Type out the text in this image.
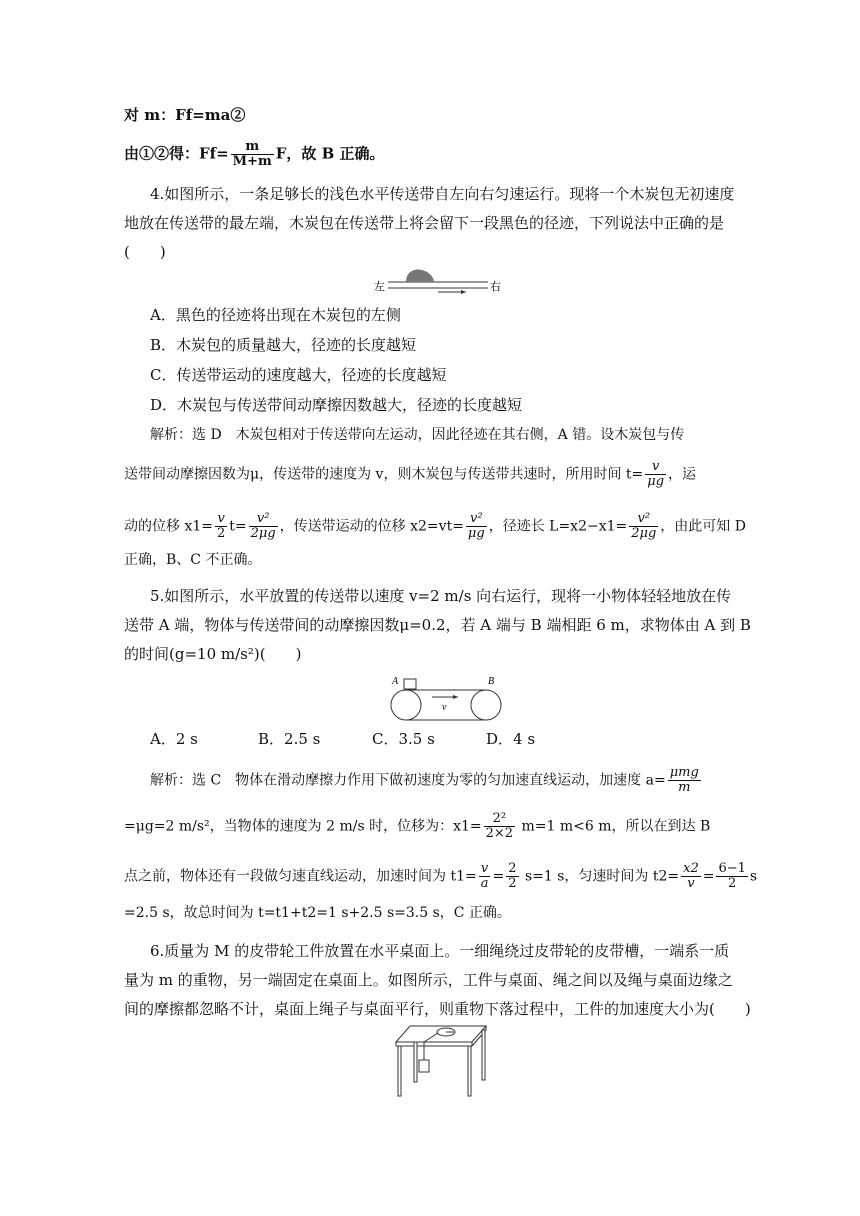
对 m：Ff=ma②
由①②得：$Ff= \frac{m}{M+m}$ F，故 B 正确。
4.如图所示，一条足够长的浅色水平传送带自左向右匀速运行。现将一个木炭包无初速度
地放在传送带的最左端，木炭包在传送带上将会留下一段黑色的径迹，下列说法中正确的是
(　　)
左	右
A．黑色的径迹将出现在木炭包的左侧
B．木炭包的质量越大，径迹的长度越短
C．传送带运动的速度越大，径迹的长度越短
D．木炭包与传送带间动摩擦因数越大，径迹的长度越短
解析：选 D　木炭包相对于传送带向左运动，因此径迹在其右侧，A 错。设木炭包与传
送带间动摩擦因数为μ，传送带的速度为 v，则木炭包与传送带共速时，所用时间 $t= \frac{v}{\mu g}$ ，运
动的位移 $x1= \frac{v}{2} t= \frac{\text{v²}}{2\mu g}$ ，传送带运动的位移 $x2=vt= \frac{\text{v²}}{\mu g}$ ，径迹长 $L=x2-x1= \frac{\text{v²}}{2\mu g}$ ，由此可知 D
正确，B、C 不正确。
5.如图所示，水平放置的传送带以速度 v=2 m/s 向右运行，现将一小物体轻轻地放在传
送带 A 端，物体与传送带间的动摩擦因数μ=0.2，若 A 端与 B 端相距 6 m，求物体由 A 到 B
的时间(g=10 m/s²)(　　)
A	B
v
A．2 s	B．2.5 s	C．3.5 s	D．4 s
解析：选 C　物体在滑动摩擦力作用下做初速度为零的匀加速直线运动，加速度 $a= \frac{\text{μmg}}{m}$
=μg=2 m/s²，当物体的速度为 2 m/s 时，位移为：$x1= \frac{\text{2²}}{2\times 2} m=1$ m<6 m，所以在到达 B
点之前，物体还有一段做匀速直线运动，加速时间为 $t1= \frac{v}{a} = \frac{2}{2} s=1$ s，匀速时间为 $t2= \frac{x2}{v} = \frac{6-1}{2}$ s
=2.5 s，故总时间为 t=t1+t2=1 s+2.5 s=3.5 s，C 正确。
6.质量为 M 的皮带轮工件放置在水平桌面上。一细绳绕过皮带轮的皮带槽，一端系一质
量为 m 的重物，另一端固定在桌面上。如图所示，工件与桌面、绳之间以及绳与桌面边缘之
间的摩擦都忽略不计，桌面上绳子与桌面平行，则重物下落过程中，工件的加速度大小为(　　)
